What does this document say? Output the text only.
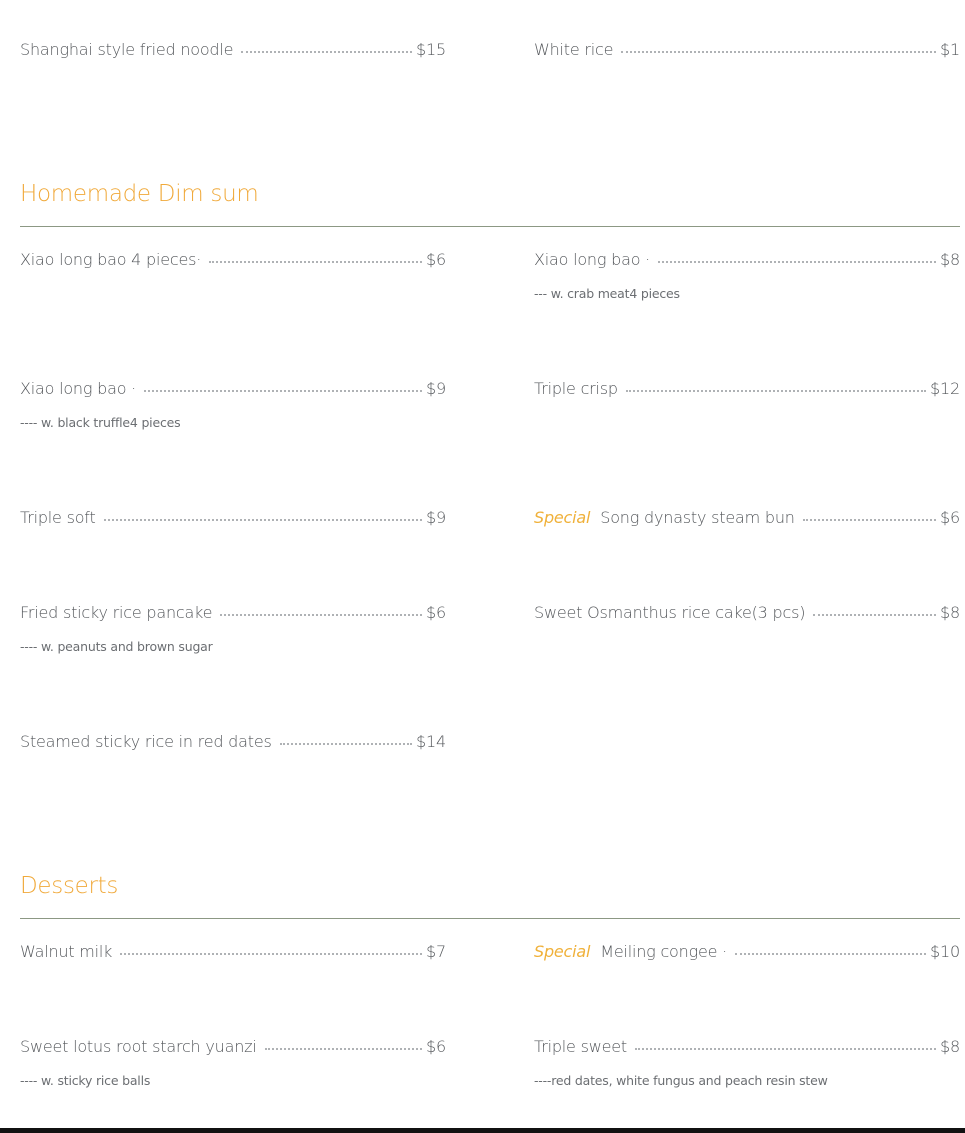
Shanghai style fried noodle	$15	White rice	$1
Homemade Dim sum
Xiao long bao 4 pieces·	$6	Xiao long bao ·	$8
--- w. crab meat4 pieces
Xiao long bao ·	$9
---- w. black truffle4 pieces
Triple crisp	$12
Triple soft	$9	Special Song dynasty steam bun	$6
Fried sticky rice pancake	$6
---- w. peanuts and brown sugar
Sweet Osmanthus rice cake(3 pcs)	$8
Steamed sticky rice in red dates	$14
Desserts
Walnut milk	$7	Special Meiling congee ·	$10
Sweet lotus root starch yuanzi	$6
---- w. sticky rice balls
Triple sweet	$8
----red dates, white fungus and peach resin stew
